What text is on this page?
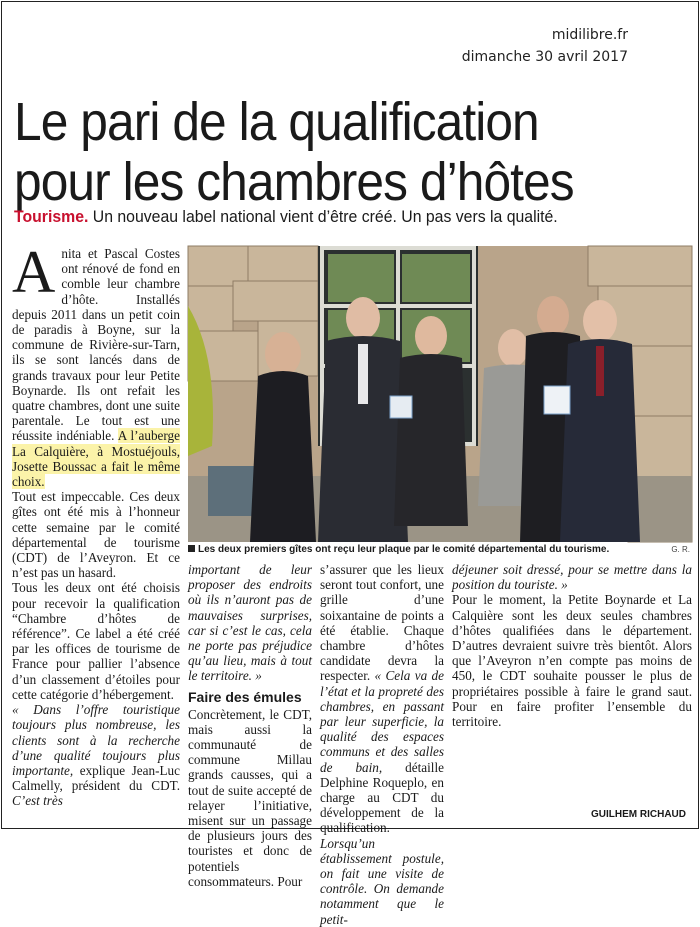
midilibre.fr
dimanche 30 avril 2017
Le pari de la qualification
pour les chambres d’hôtes
Tourisme. Un nouveau label national vient d’être créé. Un pas vers la qualité.
A nita et Pascal Costes ont rénové de fond en comble leur chambre d’hôte. Installés depuis 2011 dans un petit coin de paradis à Boyne, sur la commune de Rivière-sur-Tarn, ils se sont lancés dans de grands travaux pour leur Petite Boynarde. Ils ont refait les quatre chambres, dont une suite parentale. Le tout est une réussite indéniable. A l’auberge La Calquière, à Mostuéjouls, Josette Boussac a fait le même choix.

Tout est impeccable. Ces deux gîtes ont été mis à l’honneur cette semaine par le comité départemental de tourisme (CDT) de l’Aveyron. Et ce n’est pas un hasard.

Tous les deux ont été choisis pour recevoir la qualification “Chambre d’hôtes de référence”. Ce label a été créé par les offices de tourisme de France pour pallier l’absence d’un classement d’étoiles pour cette catégorie d’hébergement.

« Dans l’offre touristique toujours plus nombreuse, les clients sont à la recherche d’une qualité toujours plus importante, explique Jean-Luc Calmelly, président du CDT. C’est très

Les deux premiers gîtes ont reçu leur plaque par le comité départemental du tourisme.	G. R.

important de leur proposer des endroits où ils n’auront pas de mauvaises surprises, car si c’est le cas, cela ne porte pas préjudice qu’au lieu, mais à tout le territoire. »

Faire des émules

Concrètement, le CDT, mais aussi la communauté de commune Millau grands causses, qui a tout de suite accepté de relayer l’initiative, misent sur un passage de plusieurs jours des touristes et donc de potentiels consommateurs. Pour

s’assurer que les lieux seront tout confort, une grille d’une soixantaine de points a été établie. Chaque chambre d’hôtes candidate devra la respecter. « Cela va de l’état et la propreté des chambres, en passant par leur superficie, la qualité des espaces communs et des salles de bain, détaille Delphine Roqueplo, en charge au CDT du développement de la qualification. Lorsqu’un établissement postule, on fait une visite de contrôle. On demande notamment que le petit-

déjeuner soit dressé, pour se mettre dans la position du touriste. »

Pour le moment, la Petite Boynarde et La Calquière sont les deux seules chambres d’hôtes qualifiées dans le département. D’autres devraient suivre très bientôt. Alors que l’Aveyron n’en compte pas moins de 450, le CDT souhaite pousser le plus de propriétaires possible à faire le grand saut. Pour en faire profiter l’ensemble du territoire.

GUILHEM RICHAUD
